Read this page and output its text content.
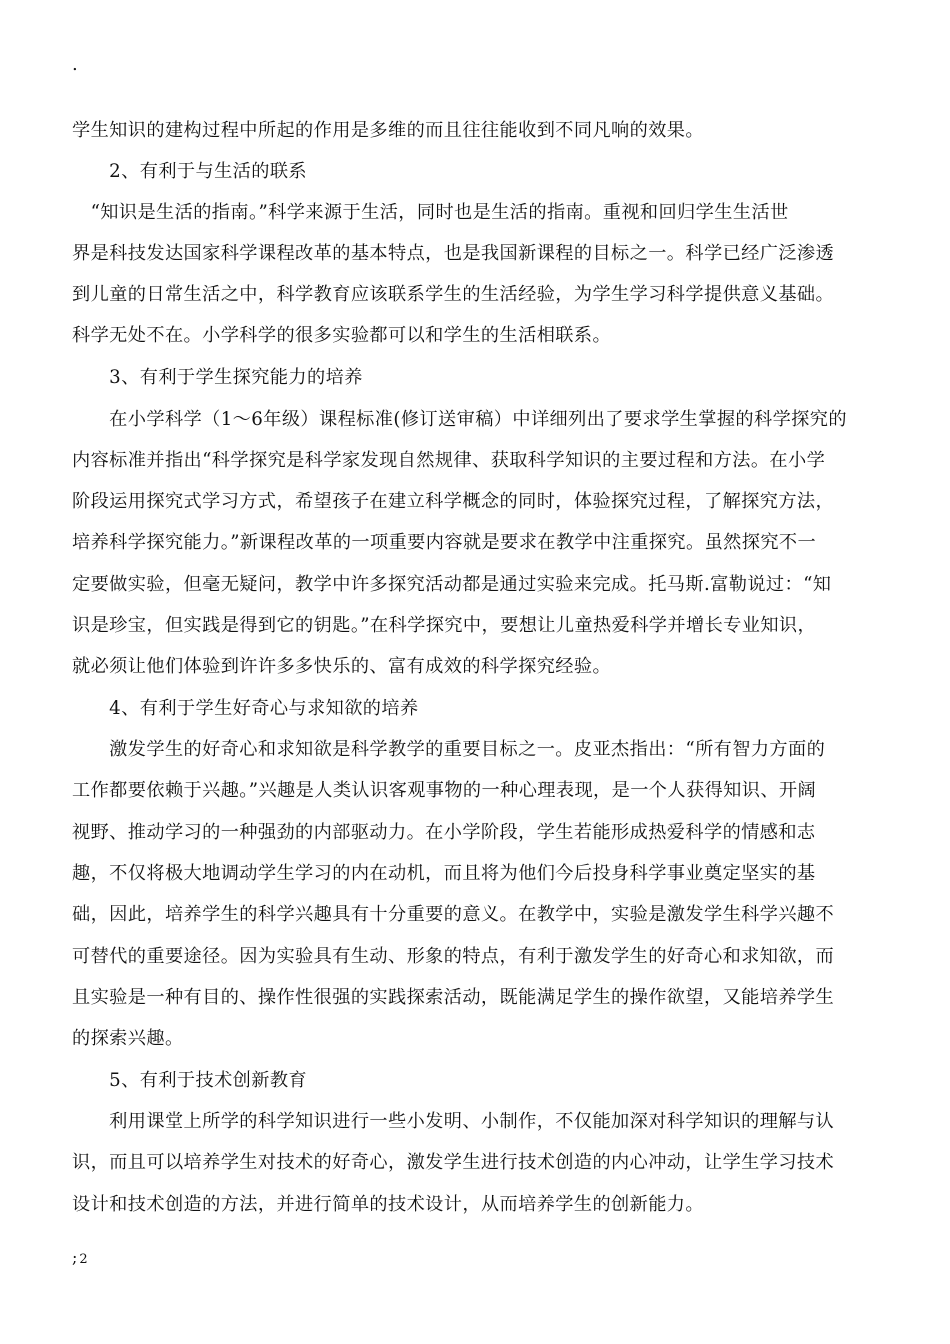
.
学生知识的建构过程中所起的作用是多维的而且往往能收到不同凡响的效果。
　　2、有利于与生活的联系
　“知识是生活的指南。”科学来源于生活，同时也是生活的指南。重视和回归学生生活世
界是科技发达国家科学课程改革的基本特点，也是我国新课程的目标之一。科学已经广泛渗透
到儿童的日常生活之中，科学教育应该联系学生的生活经验，为学生学习科学提供意义基础。
科学无处不在。小学科学的很多实验都可以和学生的生活相联系。
　　3、有利于学生探究能力的培养
　　在小学科学（1～6年级）课程标准(修订送审稿）中详细列出了要求学生掌握的科学探究的
内容标准并指出“科学探究是科学家发现自然规律、获取科学知识的主要过程和方法。在小学
阶段运用探究式学习方式，希望孩子在建立科学概念的同时，体验探究过程，了解探究方法，
培养科学探究能力。”新课程改革的一项重要内容就是要求在教学中注重探究。虽然探究不一
定要做实验，但毫无疑问，教学中许多探究活动都是通过实验来完成。托马斯.富勒说过：“知
识是珍宝，但实践是得到它的钥匙。”在科学探究中，要想让儿童热爱科学并增长专业知识，
就必须让他们体验到许许多多快乐的、富有成效的科学探究经验。
　　4、有利于学生好奇心与求知欲的培养
　　激发学生的好奇心和求知欲是科学教学的重要目标之一。皮亚杰指出：“所有智力方面的
工作都要依赖于兴趣。”兴趣是人类认识客观事物的一种心理表现，是一个人获得知识、开阔
视野、推动学习的一种强劲的内部驱动力。在小学阶段，学生若能形成热爱科学的情感和志
趣，不仅将极大地调动学生学习的内在动机，而且将为他们今后投身科学事业奠定坚实的基
础，因此，培养学生的科学兴趣具有十分重要的意义。在教学中，实验是激发学生科学兴趣不
可替代的重要途径。因为实验具有生动、形象的特点，有利于激发学生的好奇心和求知欲，而
且实验是一种有目的、操作性很强的实践探索活动，既能满足学生的操作欲望，又能培养学生
的探索兴趣。
　　5、有利于技术创新教育
　　利用课堂上所学的科学知识进行一些小发明、小制作，不仅能加深对科学知识的理解与认
识，而且可以培养学生对技术的好奇心，激发学生进行技术创造的内心冲动，让学生学习技术
设计和技术创造的方法，并进行简单的技术设计，从而培养学生的创新能力。
; 2
